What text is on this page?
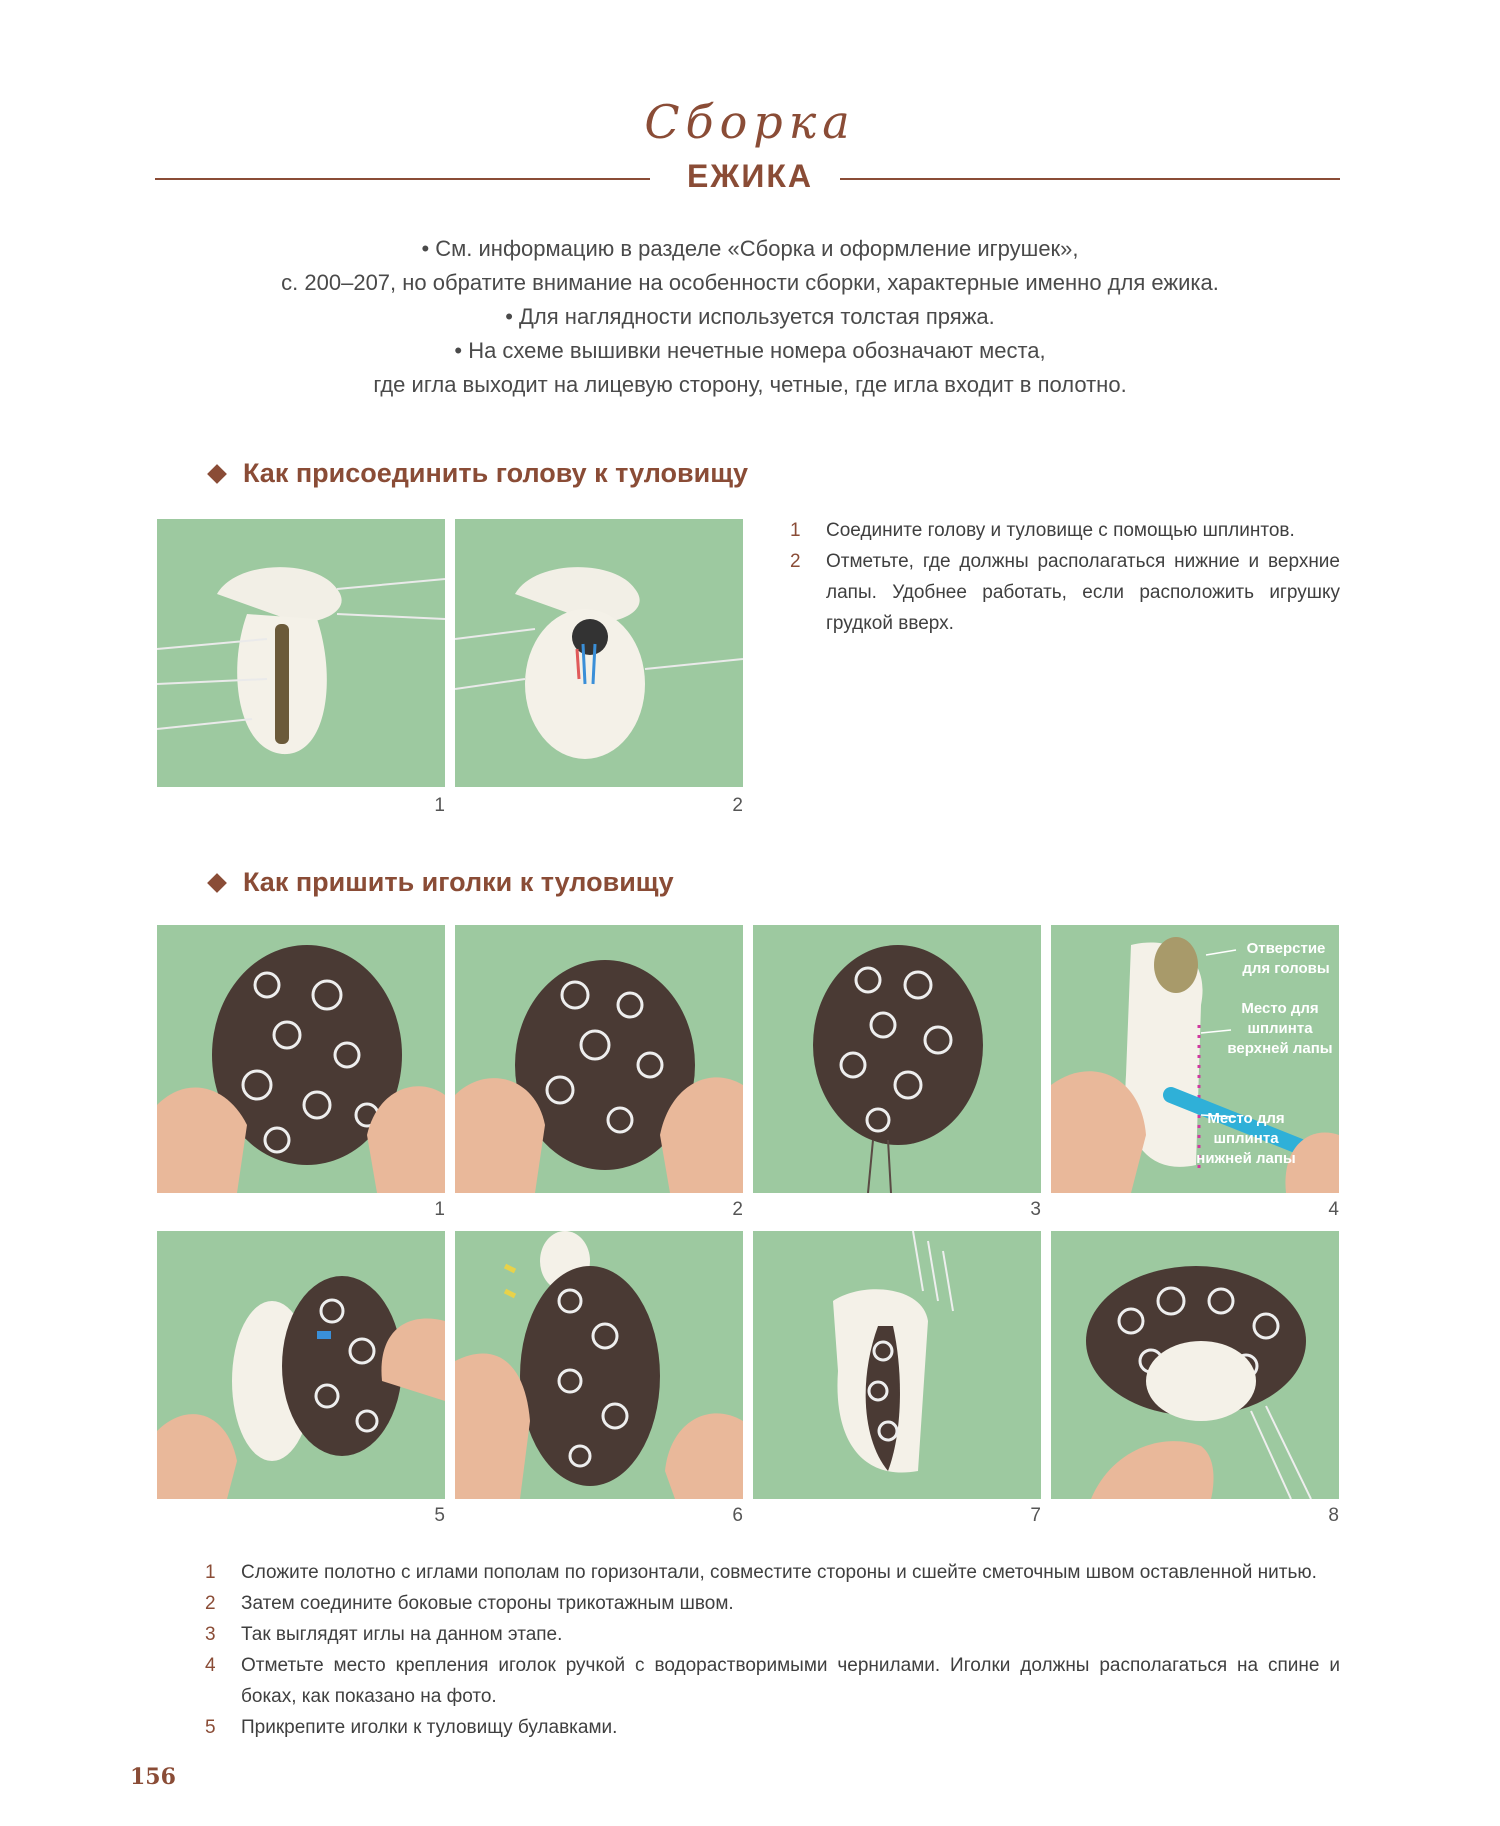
Сборка
ЕЖИКА

• См. информацию в разделе «Сборка и оформление игрушек»,

с. 200–207, но обратите внимание на особенности сборки, характерные именно для ежика.

• Для наглядности используется толстая пряжа.

• На схеме вышивки нечетные номера обозначают места,

где игла выходит на лицевую сторону, четные, где игла входит в полотно.

Как присоединить голову к туловищу
1	2
1	Соедините голову и туловище с помощью шплинтов.
2	Отметьте, где должны располагаться нижние и верхние лапы. Удобнее работать, если расположить игрушку грудкой вверх.
Как пришить иголки к туловищу
1	2	3
Отверстие для головы
Место для шплинта верхней лапы
Место для шплинта нижней лапы
4
5	6	7	8
1	Сложите полотно с иглами пополам по горизонтали, совместите стороны и сшейте сметочным швом оставленной нитью.
2	Затем соедините боковые стороны трикотажным швом.
3	Так выглядят иглы на данном этапе.
4	Отметьте место крепления иголок ручкой с водорастворимыми чернилами. Иголки должны располагаться на спине и боках, как показано на фото.
5	Прикрепите иголки к туловищу булавками.
156
